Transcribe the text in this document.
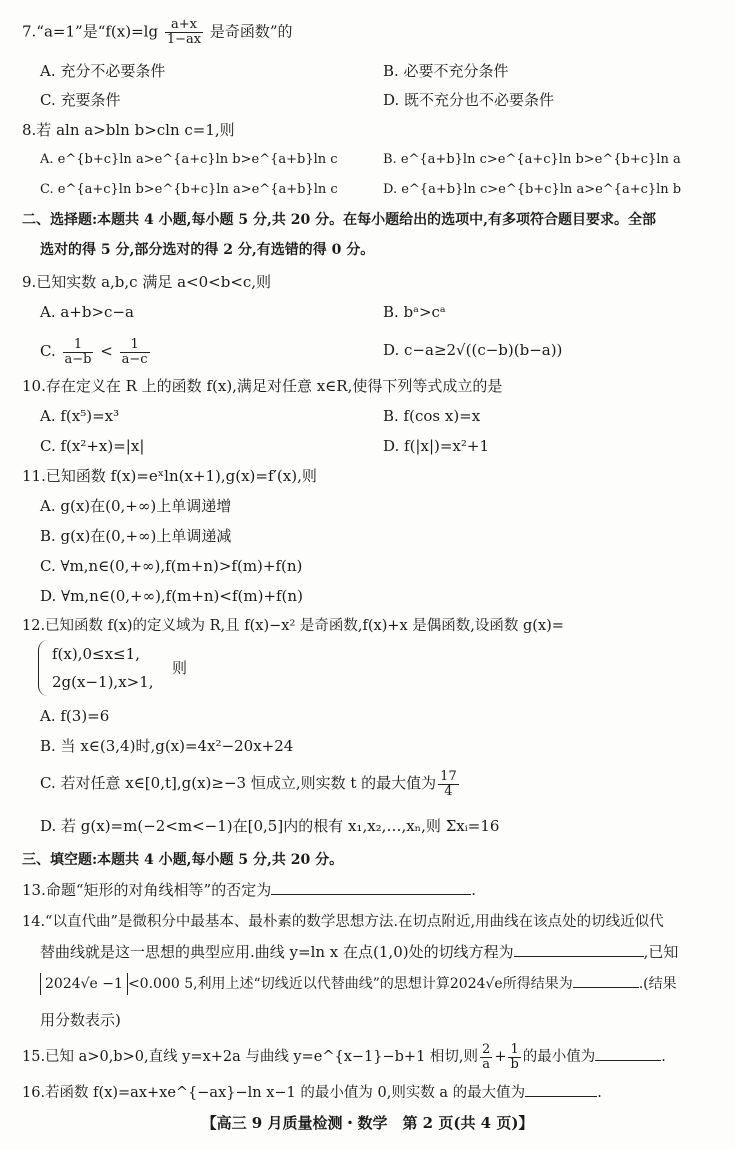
7.“a=1”是“$f(x)=\lg \frac{a+x}{1-ax}$ 是奇函数”的
A. 充分不必要条件	B. 必要不充分条件
C. 充要条件	D. 既不充分也不必要条件
8.若 aln a>bln b>cln c=1,则
A. e^{b+c}ln a>e^{a+c}ln b>e^{a+b}ln c	B. e^{a+b}ln c>e^{a+c}ln b>e^{b+c}ln a
C. e^{a+c}ln b>e^{b+c}ln a>e^{a+b}ln c	D. e^{a+b}ln c>e^{b+c}ln a>e^{a+c}ln b
二、选择题:本题共 4 小题,每小题 5 分,共 20 分。在每小题给出的选项中,有多项符合题目要求。全部
选对的得 5 分,部分选对的得 2 分,有选错的得 0 分。
9.已知实数 a,b,c 满足 a<0<b<c,则
A. a+b>c−a	B. bᵃ>cᵃ
C. $\frac{1}{a-b} < \frac{1}{a-c}$	D. c−a≥2√((c−b)(b−a))
10.存在定义在 R 上的函数 f(x),满足对任意 x∈R,使得下列等式成立的是
A. f(x⁵)=x³	B. f(cos x)=x
C. f(x²+x)=|x|	D. f(|x|)=x²+1
11.已知函数 f(x)=eˣln(x+1),g(x)=f′(x),则
A. g(x)在(0,+∞)上单调递增
B. g(x)在(0,+∞)上单调递减
C. ∀m,n∈(0,+∞),f(m+n)>f(m)+f(n)
D. ∀m,n∈(0,+∞),f(m+n)<f(m)+f(n)
12.已知函数 f(x)的定义域为 R,且 f(x)−x² 是奇函数,f(x)+x 是偶函数,设函数 g(x)=
f(x),0≤x≤1,
2g(x−1),x>1,
则
A. f(3)=6
B. 当 x∈(3,4)时,g(x)=4x²−20x+24
C. 若对任意 x∈[0,t],g(x)≥−3 恒成立,则实数 t 的最大值为 $\frac{17}{4}$
D. 若 g(x)=m(−2<m<−1)在[0,5]内的根有 x₁,x₂,…,xₙ,则 Σxᵢ=16
三、填空题:本题共 4 小题,每小题 5 分,共 20 分。
13.命题“矩形的对角线相等”的否定为	.
14.“以直代曲”是微积分中最基本、最朴素的数学思想方法.在切点附近,用曲线在该点处的切线近似代
替曲线就是这一思想的典型应用.曲线 y=ln x 在点(1,0)处的切线方程为	,已知
2024√e −1 <0.000 5,利用上述“切线近以代替曲线”的思想计算2024√e所得结果为	.(结果
用分数表示)
15.已知 a>0,b>0,直线 y=x+2a 与曲线 y=e^{x−1}−b+1 相切,则 $\frac{2}{a} + \frac{1}{b}$ 的最小值为	.
16.若函数 f(x)=ax+xe^{−ax}−ln x−1 的最小值为 0,则实数 a 的最大值为	.
【高三 9 月质量检测・数学　第 2 页(共 4 页)】
